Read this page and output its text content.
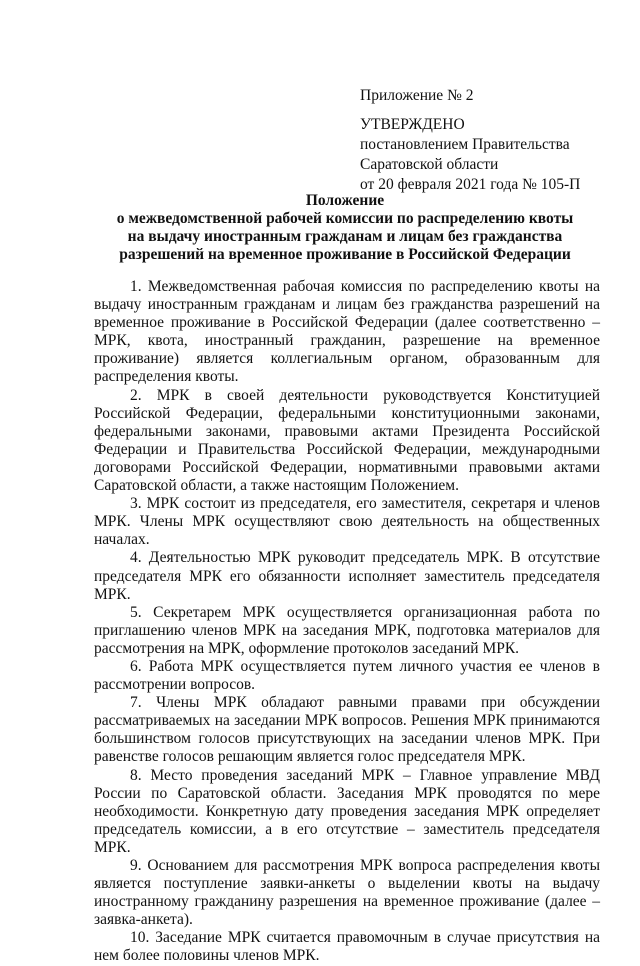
Приложение № 2
УТВЕРЖДЕНО
постановлением Правительства
Саратовской области
от 20 февраля 2021 года № 105-П
Положение
о межведомственной рабочей комиссии по распределению квоты
на выдачу иностранным гражданам и лицам без гражданства
разрешений на временное проживание в Российской Федерации

1. Межведомственная рабочая комиссия по распределению квоты на выдачу иностранным гражданам и лицам без гражданства разрешений на временное проживание в Российской Федерации (далее соответственно – МРК, квота, иностранный гражданин, разрешение на временное проживание) является коллегиальным органом, образованным для распределения квоты.

2. МРК в своей деятельности руководствуется Конституцией Российской Федерации, федеральными конституционными законами, федеральными законами, правовыми актами Президента Российской Федерации и Правительства Российской Федерации, международными договорами Российской Федерации, нормативными правовыми актами Саратовской области, а также настоящим Положением.

3. МРК состоит из председателя, его заместителя, секретаря и членов МРК. Члены МРК осуществляют свою деятельность на общественных началах.

4. Деятельностью МРК руководит председатель МРК. В отсутствие председателя МРК его обязанности исполняет заместитель председателя МРК.

5. Секретарем МРК осуществляется организационная работа по приглашению членов МРК на заседания МРК, подготовка материалов для рассмотрения на МРК, оформление протоколов заседаний МРК.

6. Работа МРК осуществляется путем личного участия ее членов в рассмотрении вопросов.

7. Члены МРК обладают равными правами при обсуждении рассматриваемых на заседании МРК вопросов. Решения МРК принимаются большинством голосов присутствующих на заседании членов МРК. При равенстве голосов решающим является голос председателя МРК.

8. Место проведения заседаний МРК – Главное управление МВД России по Саратовской области. Заседания МРК проводятся по мере необходимости. Конкретную дату проведения заседания МРК определяет председатель комиссии, а в его отсутствие – заместитель председателя МРК.

9. Основанием для рассмотрения МРК вопроса распределения квоты является поступление заявки-анкеты о выделении квоты на выдачу иностранному гражданину разрешения на временное проживание (далее – заявка-анкета).

10. Заседание МРК считается правомочным в случае присутствия на нем более половины членов МРК.
